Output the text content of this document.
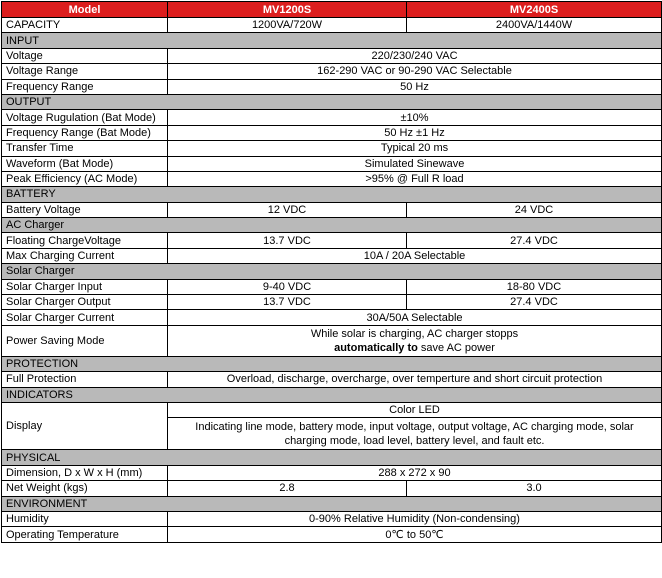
Model	MV1200S	MV2400S
CAPACITY	1200VA/720W	2400VA/1440W
INPUT		
Voltage	220/230/240 VAC	
Voltage Range	162-290 VAC or 90-290 VAC Selectable	
Frequency Range	50 Hz	
OUTPUT		
Voltage Rugulation (Bat Mode)	±10%	
Frequency Range (Bat Mode)	50 Hz ±1 Hz	
Transfer Time	Typical 20 ms	
Waveform (Bat Mode)	Simulated Sinewave	
Peak Efficiency (AC Mode)	>95% @ Full R load	
BATTERY		
Battery Voltage	12 VDC	24 VDC
AC Charger		
Floating ChargeVoltage	13.7 VDC	27.4 VDC
Max Charging Current	10A / 20A Selectable	
Solar Charger		
Solar Charger Input	9-40 VDC	18-80 VDC
Solar Charger Output	13.7 VDC	27.4 VDC
Solar Charger Current	30A/50A Selectable	
Power Saving Mode	While solar is charging, AC charger stopps
automatically to save AC power	

PROTECTION		
Full Protection	Overload, discharge, overcharge, over temperture and short circuit protection	
INDICATORS		
Display	Color LED	

	Indicating line mode, battery mode, input voltage, output voltage, AC charging mode, solar
charging mode, load level, battery level, and fault etc.	

PHYSICAL		
Dimension, D x W x H (mm)	288 x 272 x 90	
Net Weight (kgs)	2.8	3.0
ENVIRONMENT		
Humidity	0-90% Relative Humidity (Non-condensing)	
Operating Temperature	0℃ to 50℃	
